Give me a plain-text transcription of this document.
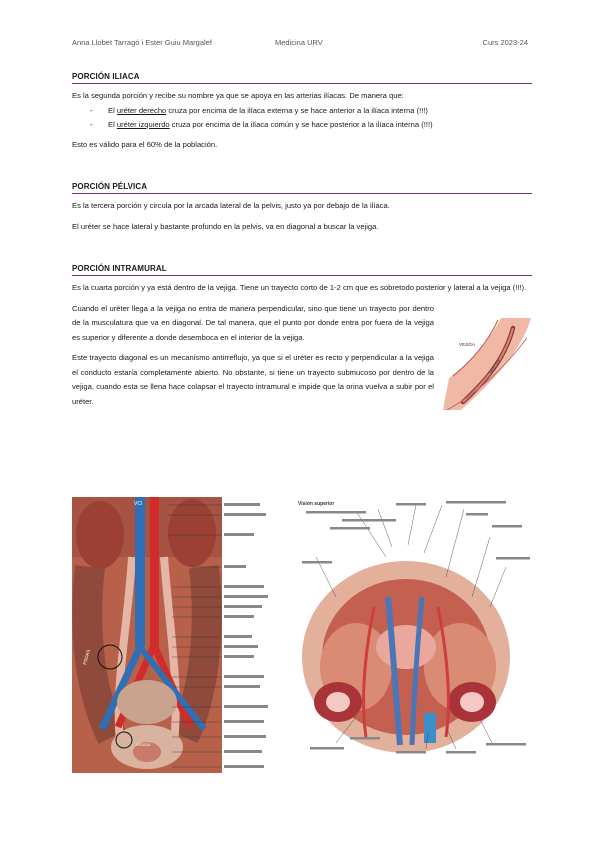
Anna Llobet Tarragó i Ester Guiu Margalef	Medicina URV	Curs 2023-24
PORCIÓN ILIACA

Es la segunda porción y recibe su nombre ya que se apoya en las arterias ilíacas. De manera que:

- El uréter derecho cruza por encima de la ilíaca externa y se hace anterior a la ilíaca interna (!!!)
- El uréter izquierdo cruza por encima de la ilíaca común y se hace posterior a la ilíaca interna (!!!)

Esto es válido para el 60% de la población.

PORCIÓN PÉLVICA

Es la tercera porción y circula por la arcada lateral de la pelvis, justo ya por debajo de la ilíaca.

El uréter se hace lateral y bastante profundo en la pelvis, va en diagonal a buscar la vejiga.

PORCIÓN INTRAMURAL

Es la cuarta porción y ya está dentro de la vejiga. Tiene un trayecto corto de 1-2 cm que es sobretodo posterior y lateral a la vejiga (!!!).

Cuando el uréter llega a la vejiga no entra de manera perpendicular, sino que tiene un trayecto por dentro de la musculatura que va en diagonal. De tal manera, que el punto por donde entra por fuera de la vejiga es superior y diferente a donde desemboca en el interior de la vejiga.

Este trayecto diagonal es un mecanismo antirreflujo, ya que si el uréter es recto y perpendicular a la vejiga el conducto estaría completamente abierto. No obstante, si tiene un trayecto submucoso por dentro de la vejiga, cuando esta se llena hace colapsar el trayecto intramural e impide que la orina vuelva a subir por el uréter.

VEJIGA
URÉTER
VCI
PSOAS
VEJIGA
Visión superior
